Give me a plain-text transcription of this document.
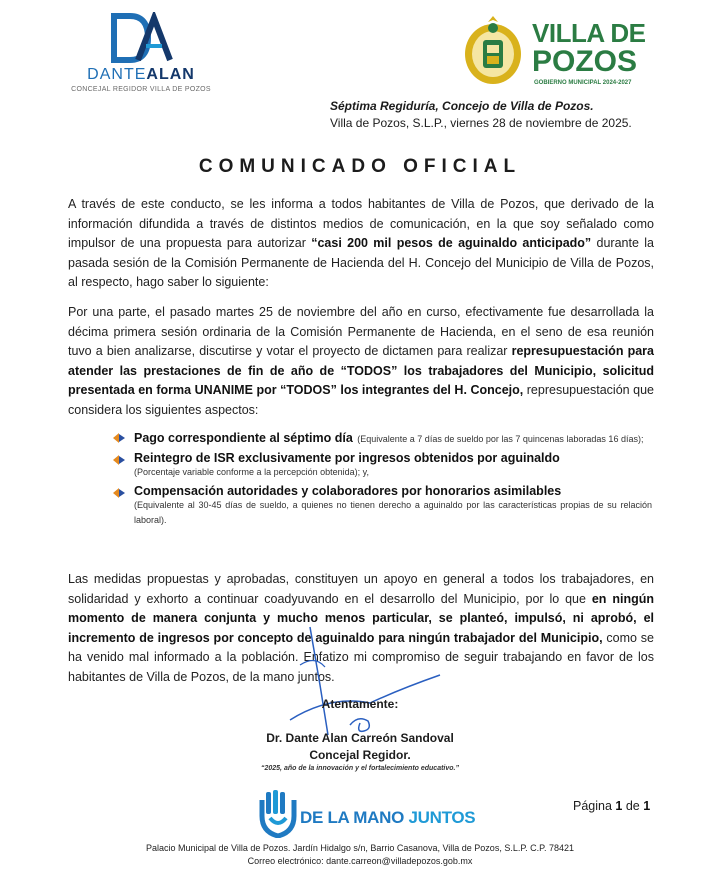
DANTEALAN
CONCEJAL REGIDOR VILLA DE POZOS
VILLA DE
POZOS
GOBIERNO MUNICIPAL 2024-2027
Séptima Regiduría, Concejo de Villa de Pozos.
Villa de Pozos, S.L.P., viernes 28 de noviembre de 2025.
COMUNICADO OFICIAL
A través de este conducto, se les informa a todos habitantes de Villa de Pozos, que derivado de la información difundida a través de distintos medios de comunicación, en la que soy señalado como impulsor de una propuesta para autorizar “casi 200 mil pesos de aguinaldo anticipado” durante la pasada sesión de la Comisión Permanente de Hacienda del H. Concejo del Municipio de Villa de Pozos, al respecto, hago saber lo siguiente:
Por una parte, el pasado martes 25 de noviembre del año en curso, efectivamente fue desarrollada la décima primera sesión ordinaria de la Comisión Permanente de Hacienda, en el seno de esa reunión tuvo a bien analizarse, discutirse y votar el proyecto de dictamen para realizar represupuestación para atender las prestaciones de fin de año de “TODOS” los trabajadores del Municipio, solicitud presentada en forma UNANIME por “TODOS” los integrantes del H. Concejo, represupuestación que considera los siguientes aspectos:
Pago correspondiente al séptimo día (Equivalente a 7 días de sueldo por las 7 quincenas laboradas 16 días);
Reintegro de ISR exclusivamente por ingresos obtenidos por aguinaldo
(Porcentaje variable conforme a la percepción obtenida); y,
Compensación autoridades y colaboradores por honorarios asimilables
(Equivalente al 30-45 días de sueldo, a quienes no tienen derecho a aguinaldo por las características propias de su relación laboral).
Las medidas propuestas y aprobadas, constituyen un apoyo en general a todos los trabajadores, en solidaridad y exhorto a continuar coadyuvando en el desarrollo del Municipio, por lo que en ningún momento de manera conjunta y mucho menos particular, se planteó, impulsó, ni aprobó, el incremento de ingresos por concepto de aguinaldo para ningún trabajador del Municipio, como se ha venido mal informado a la población. Enfatizo mi compromiso de seguir trabajando en favor de los habitantes de Villa de Pozos, de la mano juntos.
Atentamente:
Dr. Dante Alan Carreón Sandoval
Concejal Regidor.
“2025, año de la innovación y el fortalecimiento educativo.”
DE LA MANO JUNTOS
Página 1 de 1
Palacio Municipal de Villa de Pozos. Jardín Hidalgo s/n, Barrio Casanova, Villa de Pozos, S.L.P. C.P. 78421
Correo electrónico: dante.carreon@villadepozos.gob.mx
